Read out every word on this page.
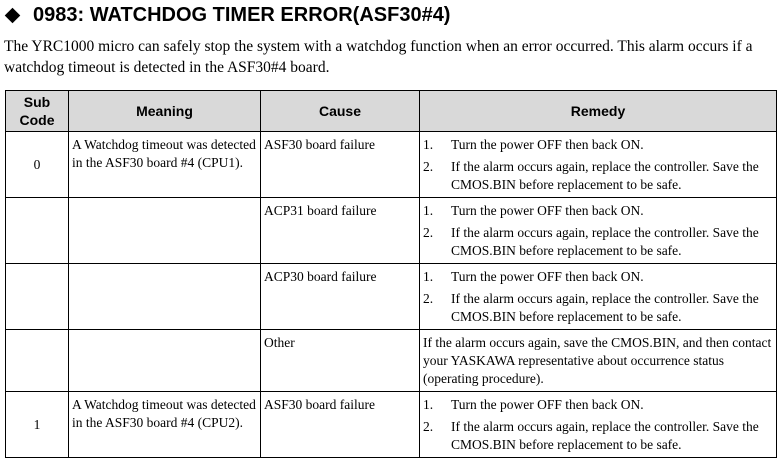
0983: WATCHDOG TIMER ERROR(ASF30#4)
The YRC1000 micro can safely stop the system with a watchdog function when an error occurred. This alarm occurs if a watchdog timeout is detected in the ASF30#4 board.
Sub Code	Meaning	Cause	Remedy
0	A Watchdog timeout was detected in the ASF30 board #4 (CPU1).	ASF30 board failure	1. Turn the power OFF then back ON.
2. If the alarm occurs again, replace the controller. Save the CMOS.BIN before replacement to be safe.

		ACP31 board failure	1. Turn the power OFF then back ON.
2. If the alarm occurs again, replace the controller. Save the CMOS.BIN before replacement to be safe.

		ACP30 board failure	1. Turn the power OFF then back ON.
2. If the alarm occurs again, replace the controller. Save the CMOS.BIN before replacement to be safe.

		Other	If the alarm occurs again, save the CMOS.BIN, and then contact your YASKAWA representative about occurrence status (operating procedure).
1	A Watchdog timeout was detected in the ASF30 board #4 (CPU2).	ASF30 board failure	1. Turn the power OFF then back ON.
2. If the alarm occurs again, replace the controller. Save the CMOS.BIN before replacement to be safe.
